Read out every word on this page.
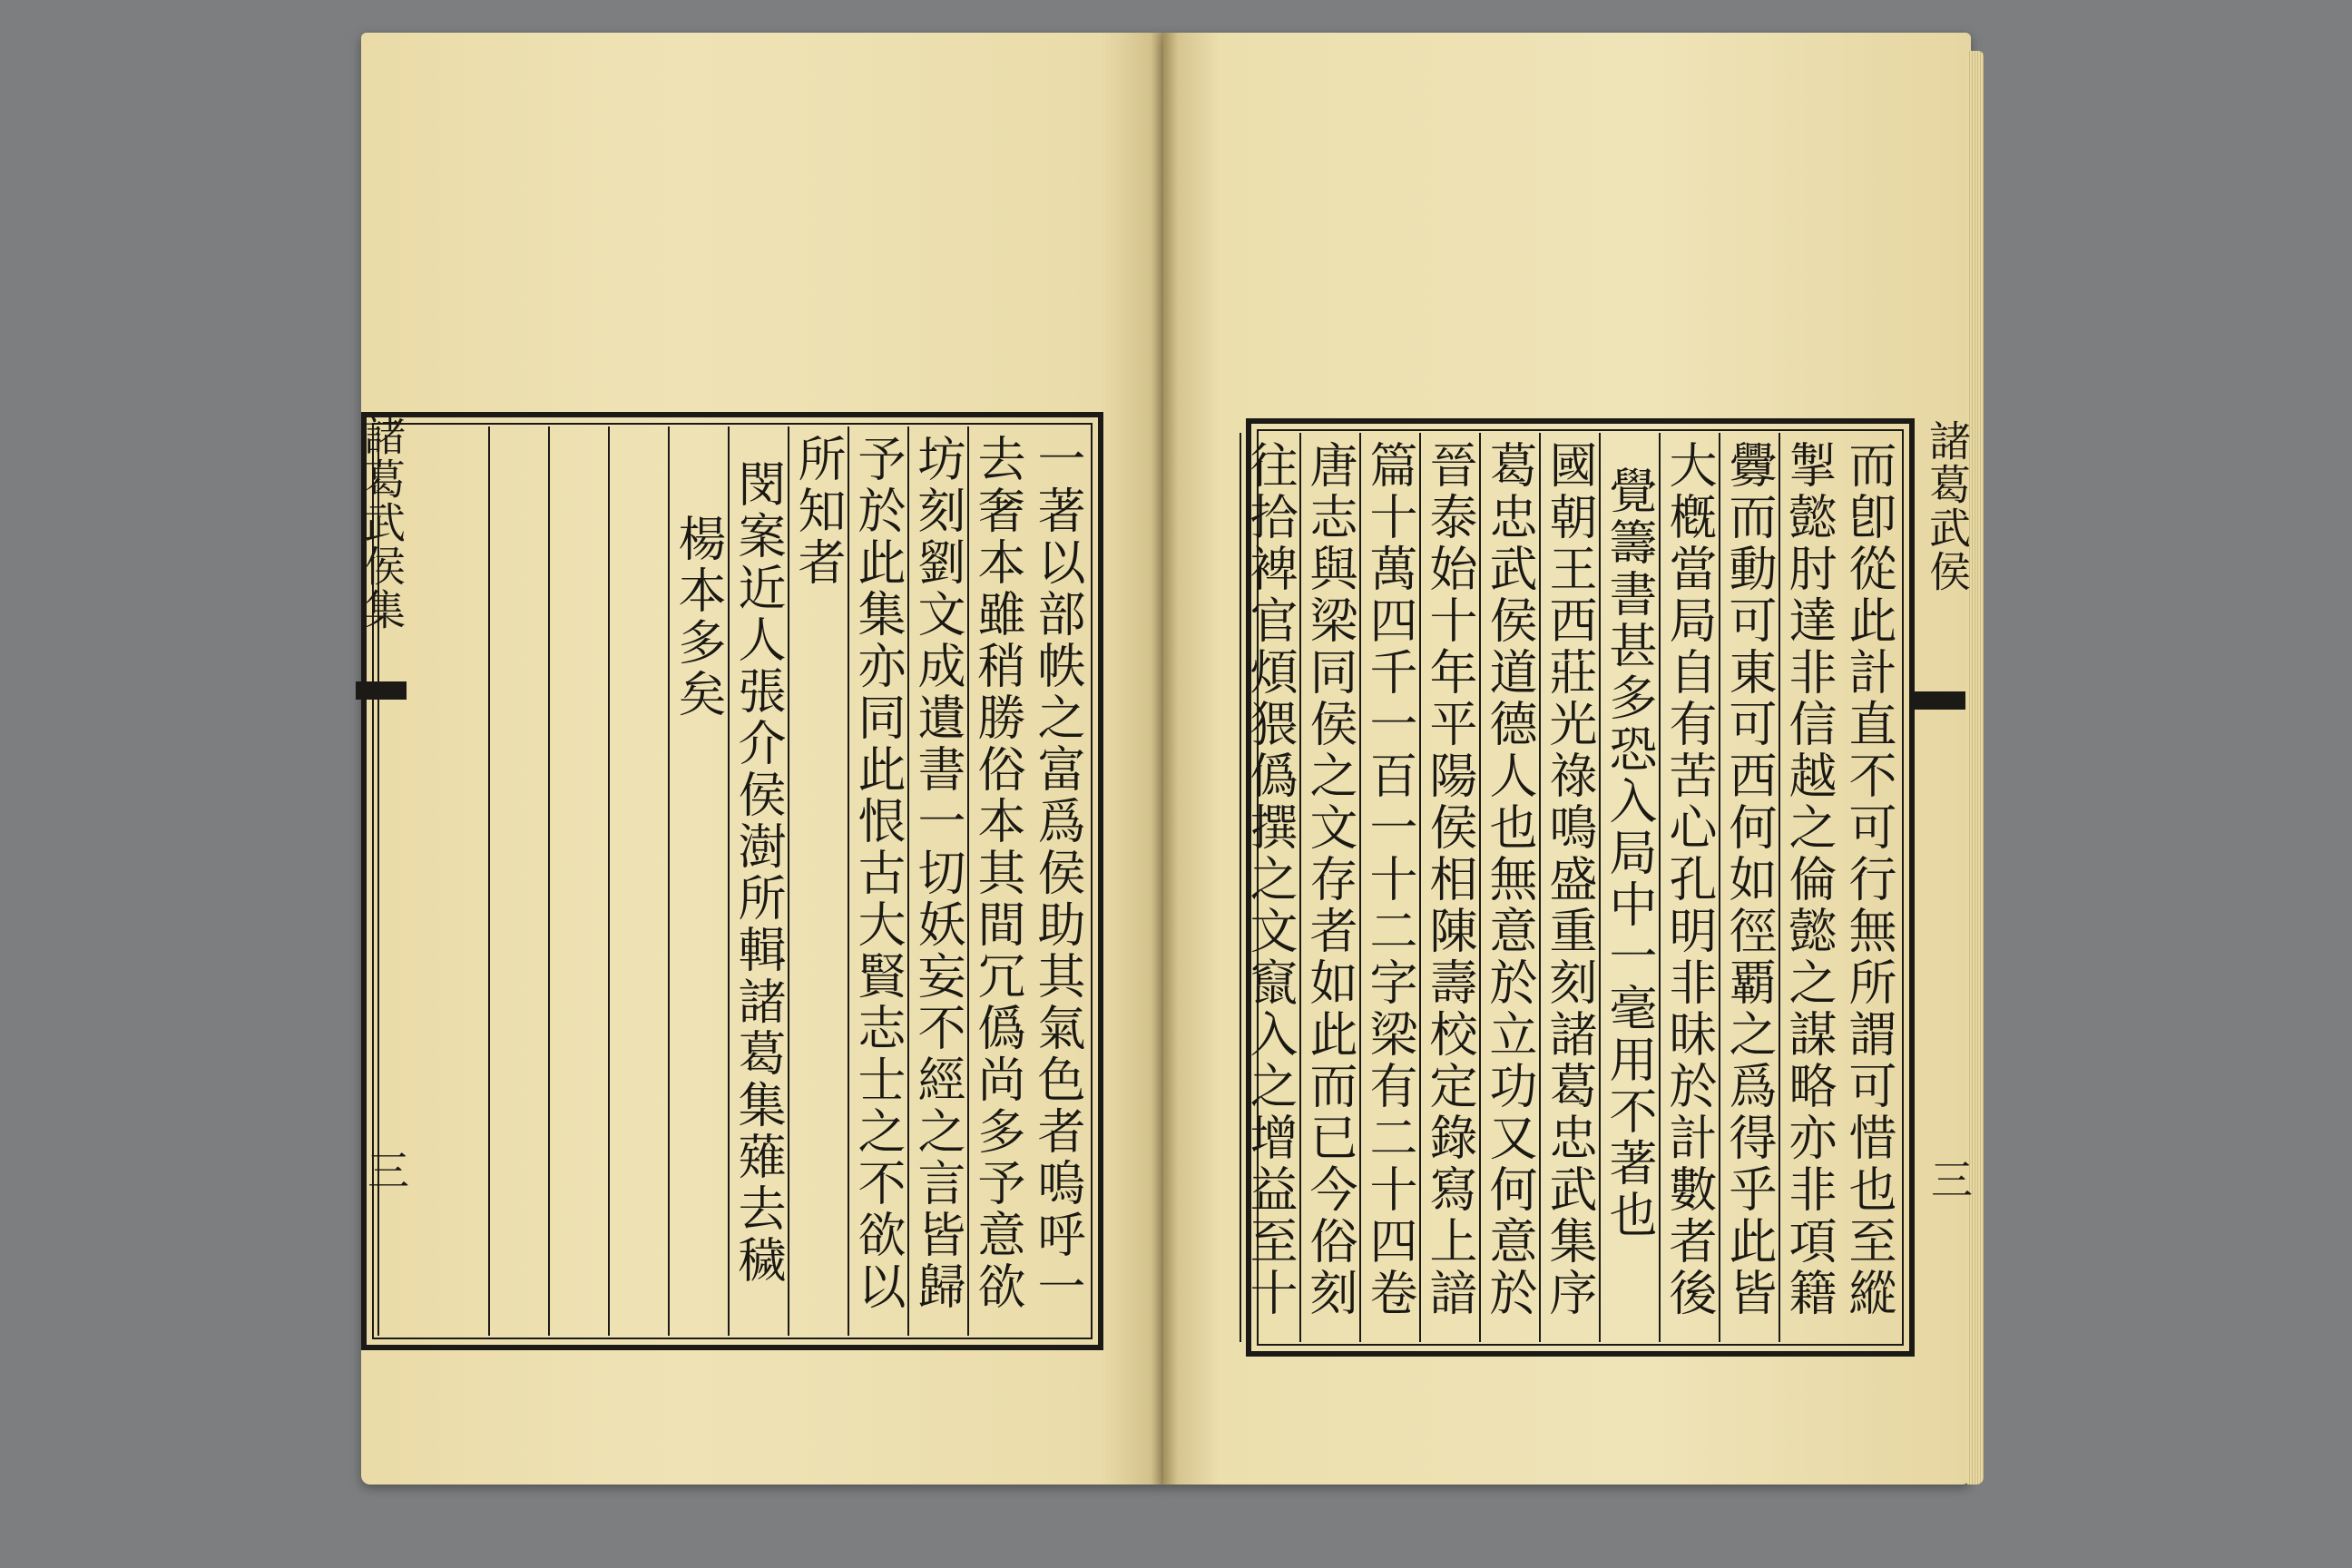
一著以部帙之富爲侯助其氣色者嗚呼一
去奢本雖稍勝俗本其間冗僞尚多予意欲
坊刻劉文成遺書一切妖妄不經之言皆歸
予於此集亦同此恨古大賢志士之不欲以
所知者
閔案近人張介侯澍所輯諸葛集薙去穢
楊本多矣
諸葛武侯集
三
而卽從此計直不可行無所謂可惜也至縱
掣懿肘達非信越之倫懿之謀略亦非項籍
釁而動可東可西何如徑覇之爲得乎此皆
大槪當局自有苦心孔明非昧於計數者後
覺籌書甚多恐入局中一毫用不著也
國朝王西莊光祿鳴盛重刻諸葛忠武集序
葛忠武侯道德人也無意於立功又何意於
晉泰始十年平陽侯相陳壽校定錄寫上諳
篇十萬四千一百一十二字梁有二十四卷
唐志與梁同侯之文存者如此而已今俗刻
往拾裨官煩猥僞撰之文竄入之增益至十
諸葛武侯
三
